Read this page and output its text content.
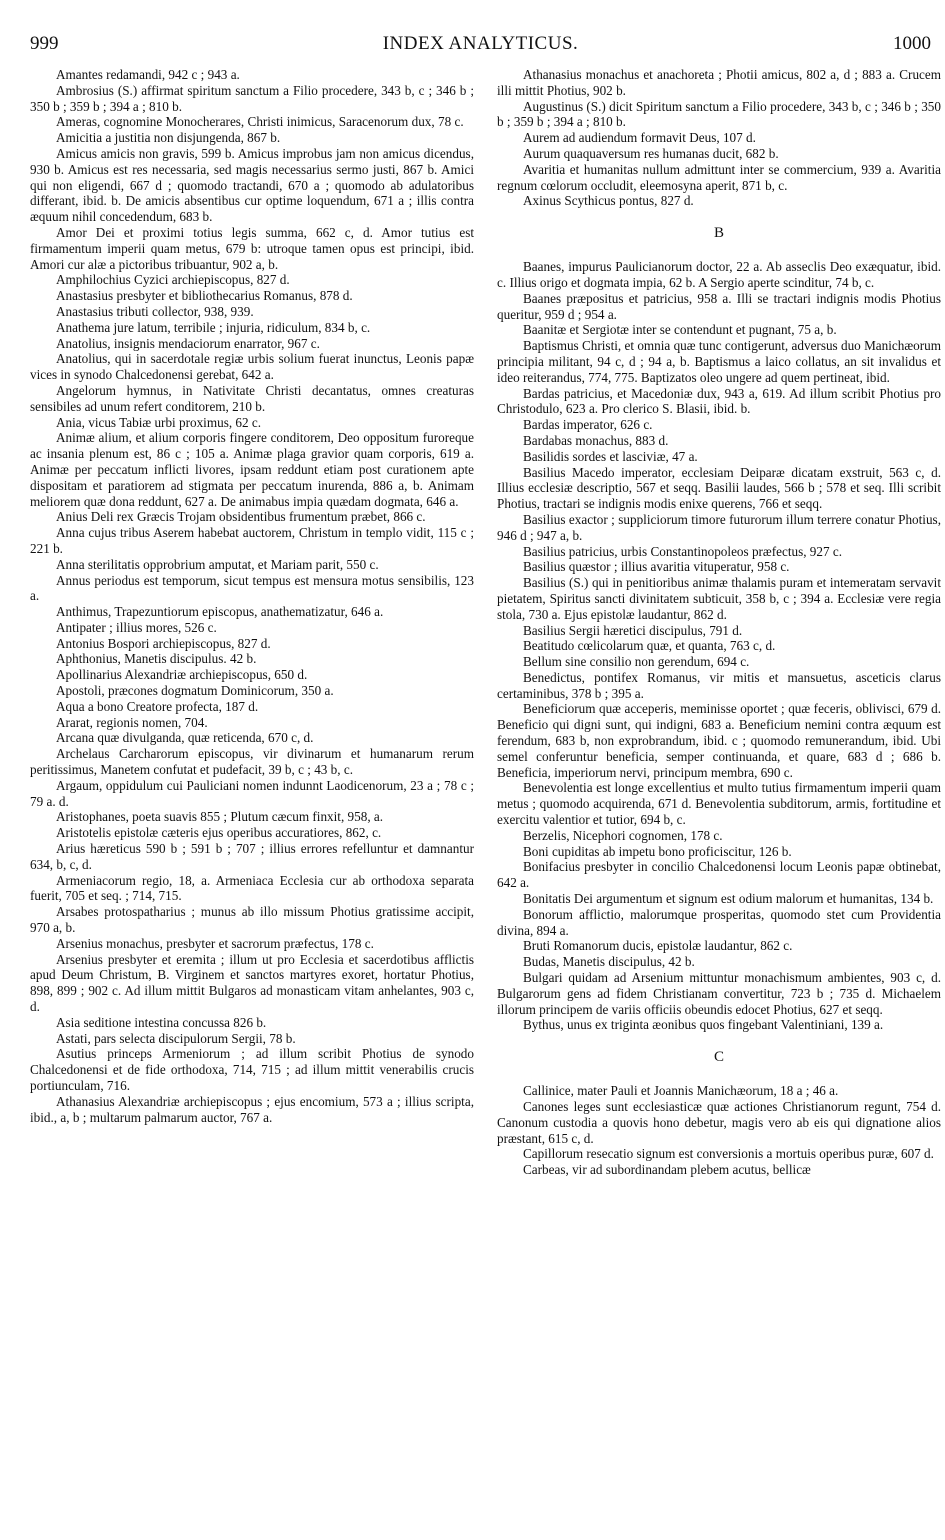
999	INDEX ANALYTICUS.	1000

Amantes redamandi, 942 c ; 943 a.

Ambrosius (S.) affirmat spiritum sanctum a Filio procedere, 343 b, c ; 346 b ; 350 b ; 359 b ; 394 a ; 810 b.

Ameras, cognomine Monocherares, Christi inimicus, Saracenorum dux, 78 c.

Amicitia a justitia non disjungenda, 867 b.

Amicus amicis non gravis, 599 b. Amicus improbus jam non amicus dicendus, 930 b. Amicus est res necessaria, sed magis necessarius sermo justi, 867 b. Amici qui non eligendi, 667 d ; quomodo tractandi, 670 a ; quomodo ab adulatoribus differant, ibid. b. De amicis absentibus cur optime loquendum, 671 a ; illis contra æquum nihil concedendum, 683 b.

Amor Dei et proximi totius legis summa, 662 c, d. Amor tutius est firmamentum imperii quam metus, 679 b: utroque tamen opus est principi, ibid. Amori cur alæ a pictoribus tribuantur, 902 a, b.

Amphilochius Cyzici archiepiscopus, 827 d.

Anastasius presbyter et bibliothecarius Romanus, 878 d.

Anastasius tributi collector, 938, 939.

Anathema jure latum, terribile ; injuria, ridiculum, 834 b, c.

Anatolius, insignis mendaciorum enarrator, 967 c.

Anatolius, qui in sacerdotale regiæ urbis solium fuerat inunctus, Leonis papæ vices in synodo Chalcedonensi gerebat, 642 a.

Angelorum hymnus, in Nativitate Christi decantatus, omnes creaturas sensibiles ad unum refert conditorem, 210 b.

Ania, vicus Tabiæ urbi proximus, 62 c.

Animæ alium, et alium corporis fingere conditorem, Deo oppositum furoreque ac insania plenum est, 86 c ; 105 a. Animæ plaga gravior quam corporis, 619 a. Animæ per peccatum inflicti livores, ipsam reddunt etiam post curationem apte dispositam et paratiorem ad stigmata per peccatum inurenda, 886 a, b. Animam meliorem quæ dona reddunt, 627 a. De animabus impia quædam dogmata, 646 a.

Anius Deli rex Græcis Trojam obsidentibus frumentum præbet, 866 c.

Anna cujus tribus Aserem habebat auctorem, Christum in templo vidit, 115 c ; 221 b.

Anna sterilitatis opprobrium amputat, et Mariam parit, 550 c.

Annus periodus est temporum, sicut tempus est mensura motus sensibilis, 123 a.

Anthimus, Trapezuntiorum episcopus, anathematizatur, 646 a.

Antipater ; illius mores, 526 c.

Antonius Bospori archiepiscopus, 827 d.

Aphthonius, Manetis discipulus. 42 b.

Apollinarius Alexandriæ archiepiscopus, 650 d.

Apostoli, præcones dogmatum Dominicorum, 350 a.

Aqua a bono Creatore profecta, 187 d.

Ararat, regionis nomen, 704.

Arcana quæ divulganda, quæ reticenda, 670 c, d.

Archelaus Carcharorum episcopus, vir divinarum et humanarum rerum peritissimus, Manetem confutat et pudefacit, 39 b, c ; 43 b, c.

Argaum, oppidulum cui Pauliciani nomen indunnt Laodicenorum, 23 a ; 78 c ; 79 a. d.

Aristophanes, poeta suavis 855 ; Plutum cæcum finxit, 958, a.

Aristotelis epistolæ cæteris ejus operibus accuratiores, 862, c.

Arius hæreticus 590 b ; 591 b ; 707 ; illius errores refelluntur et damnantur 634, b, c, d.

Armeniacorum regio, 18, a. Armeniaca Ecclesia cur ab orthodoxa separata fuerit, 705 et seq. ; 714, 715.

Arsabes protospatharius ; munus ab illo missum Photius gratissime accipit, 970 a, b.

Arsenius monachus, presbyter et sacrorum præfectus, 178 c.

Arsenius presbyter et eremita ; illum ut pro Ecclesia et sacerdotibus afflictis apud Deum Christum, B. Virginem et sanctos martyres exoret, hortatur Photius, 898, 899 ; 902 c. Ad illum mittit Bulgaros ad monasticam vitam anhelantes, 903 c, d.

Asia seditione intestina concussa 826 b.

Astati, pars selecta discipulorum Sergii, 78 b.

Asutius princeps Armeniorum ; ad illum scribit Photius de synodo Chalcedonensi et de fide orthodoxa, 714, 715 ; ad illum mittit venerabilis crucis portiunculam, 716.

Athanasius Alexandriæ archiepiscopus ; ejus encomium, 573 a ; illius scripta, ibid., a, b ; multarum palmarum auctor, 767 a.

Athanasius monachus et anachoreta ; Photii amicus, 802 a, d ; 883 a. Crucem illi mittit Photius, 902 b.

Augustinus (S.) dicit Spiritum sanctum a Filio procedere, 343 b, c ; 346 b ; 350 b ; 359 b ; 394 a ; 810 b.

Aurem ad audiendum formavit Deus, 107 d.

Aurum quaquaversum res humanas ducit, 682 b.

Avaritia et humanitas nullum admittunt inter se commercium, 939 a. Avaritia regnum cœlorum occludit, eleemosyna aperit, 871 b, c.

Axinus Scythicus pontus, 827 d.

B

Baanes, impurus Paulicianorum doctor, 22 a. Ab asseclis Deo exæquatur, ibid. c. Illius origo et dogmata impia, 62 b. A Sergio aperte scinditur, 74 b, c.

Baanes præpositus et patricius, 958 a. Illi se tractari indignis modis Photius queritur, 959 d ; 954 a.

Baanitæ et Sergiotæ inter se contendunt et pugnant, 75 a, b.

Baptismus Christi, et omnia quæ tunc contigerunt, adversus duo Manichæorum principia militant, 94 c, d ; 94 a, b. Baptismus a laico collatus, an sit invalidus et ideo reiterandus, 774, 775. Baptizatos oleo ungere ad quem pertineat, ibid.

Bardas patricius, et Macedoniæ dux, 943 a, 619. Ad illum scribit Photius pro Christodulo, 623 a. Pro clerico S. Blasii, ibid. b.

Bardas imperator, 626 c.

Bardabas monachus, 883 d.

Basilidis sordes et lasciviæ, 47 a.

Basilius Macedo imperator, ecclesiam Deiparæ dicatam exstruit, 563 c, d. Illius ecclesiæ descriptio, 567 et seqq. Basilii laudes, 566 b ; 578 et seq. Illi scribit Photius, tractari se indignis modis enixe querens, 766 et seqq.

Basilius exactor ; suppliciorum timore futurorum illum terrere conatur Photius, 946 d ; 947 a, b.

Basilius patricius, urbis Constantinopoleos præfectus, 927 c.

Basilius quæstor ; illius avaritia vituperatur, 958 c.

Basilius (S.) qui in penitioribus animæ thalamis puram et intemeratam servavit pietatem, Spiritus sancti divinitatem subticuit, 358 b, c ; 394 a. Ecclesiæ vere regia stola, 730 a. Ejus epistolæ laudantur, 862 d.

Basilius Sergii hæretici discipulus, 791 d.

Beatitudo cœlicolarum quæ, et quanta, 763 c, d.

Bellum sine consilio non gerendum, 694 c.

Benedictus, pontifex Romanus, vir mitis et mansuetus, asceticis clarus certaminibus, 378 b ; 395 a.

Beneficiorum quæ acceperis, meminisse oportet ; quæ feceris, oblivisci, 679 d. Beneficio qui digni sunt, qui indigni, 683 a. Beneficium nemini contra æquum est ferendum, 683 b, non exprobrandum, ibid. c ; quomodo remunerandum, ibid. Ubi semel conferuntur beneficia, semper continuanda, et quare, 683 d ; 686 b. Beneficia, imperiorum nervi, principum membra, 690 c.

Benevolentia est longe excellentius et multo tutius firmamentum imperii quam metus ; quomodo acquirenda, 671 d. Benevolentia subditorum, armis, fortitudine et exercitu valentior et tutior, 694 b, c.

Berzelis, Nicephori cognomen, 178 c.

Boni cupiditas ab impetu bono proficiscitur, 126 b.

Bonifacius presbyter in concilio Chalcedonensi locum Leonis papæ obtinebat, 642 a.

Bonitatis Dei argumentum et signum est odium malorum et humanitas, 134 b.

Bonorum afflictio, malorumque prosperitas, quomodo stet cum Providentia divina, 894 a.

Bruti Romanorum ducis, epistolæ laudantur, 862 c.

Budas, Manetis discipulus, 42 b.

Bulgari quidam ad Arsenium mittuntur monachismum ambientes, 903 c, d. Bulgarorum gens ad fidem Christianam convertitur, 723 b ; 735 d. Michaelem illorum principem de variis officiis obeundis edocet Photius, 627 et seqq.

Bythus, unus ex triginta æonibus quos fingebant Valentiniani, 139 a.

C

Callinice, mater Pauli et Joannis Manichæorum, 18 a ; 46 a.

Canones leges sunt ecclesiasticæ quæ actiones Christianorum regunt, 754 d. Canonum custodia a quovis hono debetur, magis vero ab eis qui dignatione alios præstant, 615 c, d.

Capillorum resecatio signum est conversionis a mortuis operibus puræ, 607 d.

Carbeas, vir ad subordinandam plebem acutus, bellicæ
